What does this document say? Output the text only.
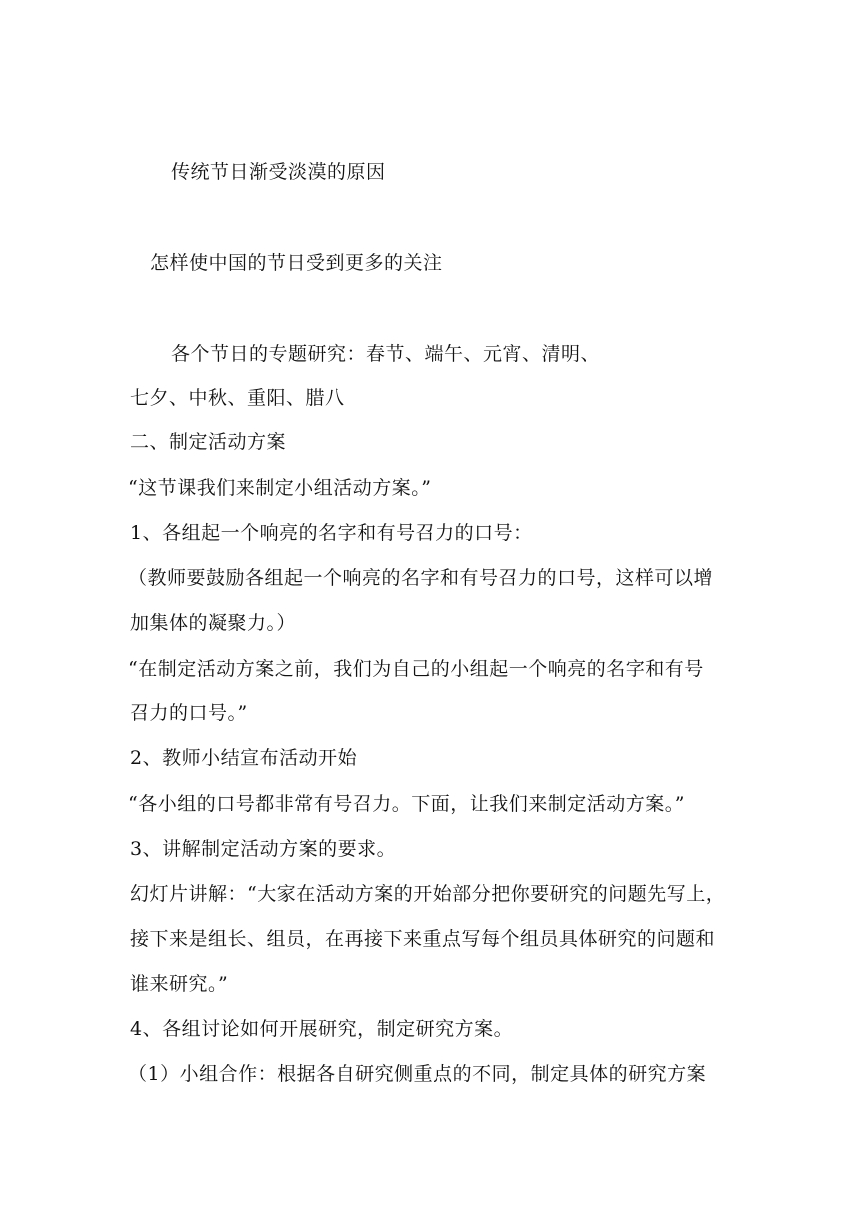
传统节日渐受淡漠的原因
怎样使中国的节日受到更多的关注
各个节日的专题研究：春节、端午、元宵、清明、
七夕、中秋、重阳、腊八
二、制定活动方案
“这节课我们来制定小组活动方案。”
1、各组起一个响亮的名字和有号召力的口号：
（教师要鼓励各组起一个响亮的名字和有号召力的口号，这样可以增
加集体的凝聚力。）
“在制定活动方案之前，我们为自己的小组起一个响亮的名字和有号
召力的口号。”
2、教师小结宣布活动开始
“各小组的口号都非常有号召力。下面，让我们来制定活动方案。”
3、讲解制定活动方案的要求。
幻灯片讲解：“大家在活动方案的开始部分把你要研究的问题先写上，
接下来是组长、组员，在再接下来重点写每个组员具体研究的问题和
谁来研究。”
4、各组讨论如何开展研究，制定研究方案。
（1）小组合作：根据各自研究侧重点的不同，制定具体的研究方案
